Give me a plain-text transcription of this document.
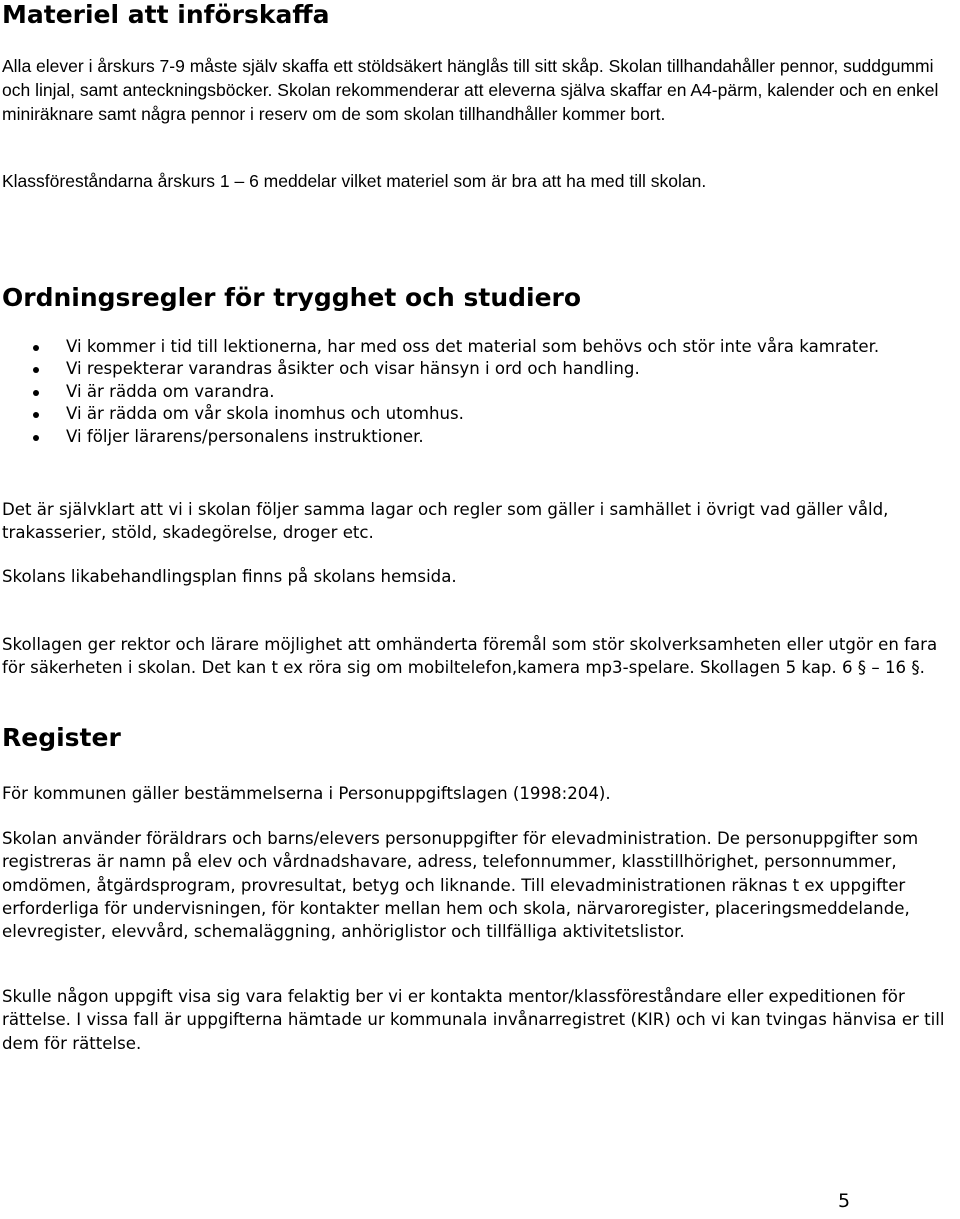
Materiel att införskaffa

Alla elever i årskurs 7-9 måste själv skaffa ett stöldsäkert hänglås till sitt skåp. Skolan tillhandahåller pennor, suddgummi och linjal, samt anteckningsböcker. Skolan rekommenderar att eleverna själva skaffar en A4-pärm, kalender och en enkel miniräknare samt några pennor i reserv om de som skolan tillhandhåller kommer bort.

Klassföreståndarna årskurs 1 – 6 meddelar vilket materiel som är bra att ha med till skolan.

Ordningsregler för trygghet och studiero
Vi kommer i tid till lektionerna, har med oss det material som behövs och stör inte våra kamrater.
Vi respekterar varandras åsikter och visar hänsyn i ord och handling.
Vi är rädda om varandra.
Vi är rädda om vår skola inomhus och utomhus.
Vi följer lärarens/personalens instruktioner.

Det är självklart att vi i skolan följer samma lagar och regler som gäller i samhället i övrigt vad gäller våld, trakasserier, stöld, skadegörelse, droger etc.

Skolans likabehandlingsplan finns på skolans hemsida.

Skollagen ger rektor och lärare möjlighet att omhänderta föremål som stör skolverksamheten eller utgör en fara för säkerheten i skolan. Det kan t ex röra sig om mobiltelefon,kamera mp3-spelare. Skollagen 5 kap. 6 § – 16 §.

Register

För kommunen gäller bestämmelserna i Personuppgiftslagen (1998:204).

Skolan använder föräldrars och barns/elevers personuppgifter för elevadministration. De personuppgifter som registreras är namn på elev och vårdnadshavare, adress, telefonnummer, klasstillhörighet, personnummer, omdömen, åtgärdsprogram, provresultat, betyg och liknande. Till elevadministrationen räknas t ex uppgifter erforderliga för undervisningen, för kontakter mellan hem och skola, närvaroregister, placeringsmeddelande, elevregister, elevvård, schemaläggning, anhöriglistor och tillfälliga aktivitetslistor.

Skulle någon uppgift visa sig vara felaktig ber vi er kontakta mentor/klassföreståndare eller expeditionen för rättelse. I vissa fall är uppgifterna hämtade ur kommunala invånarregistret (KIR) och vi kan tvingas hänvisa er till dem för rättelse.

5
